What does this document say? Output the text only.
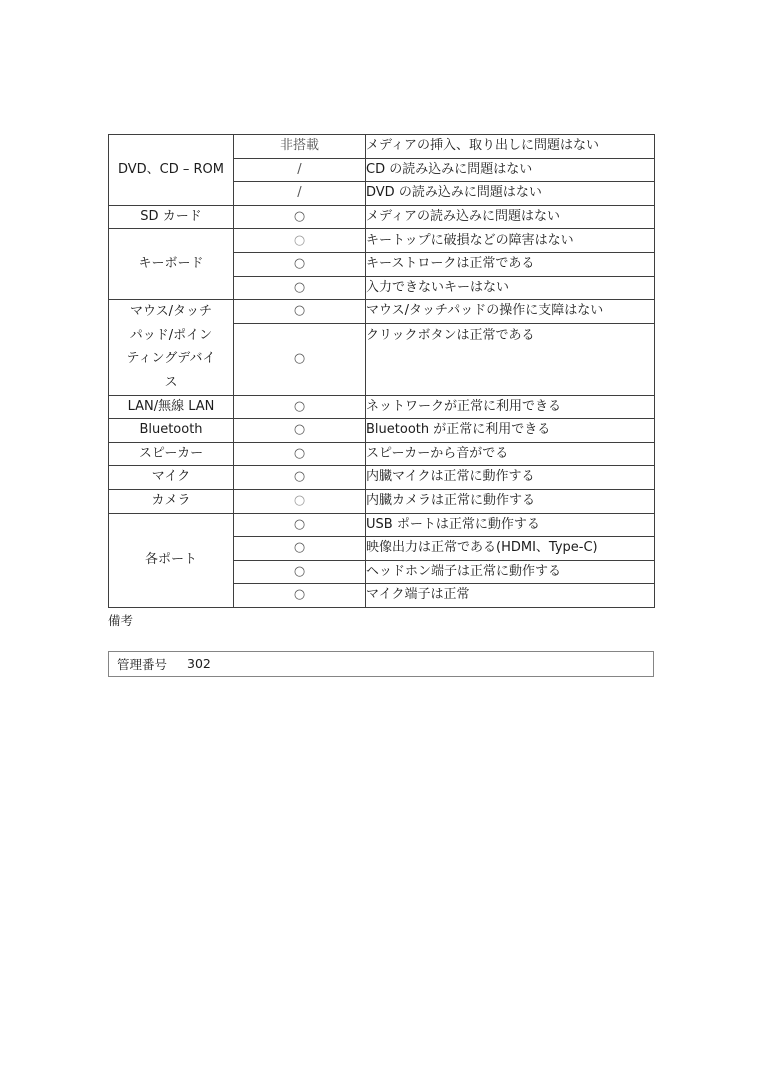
DVD、CD – ROM	非搭載	メディアの挿入、取り出しに問題はない
	/	CD の読み込みに問題はない
	/	DVD の読み込みに問題はない
SD カード	○	メディアの読み込みに問題はない
キーボード	○	キートップに破損などの障害はない
	○	キーストロークは正常である
	○	入力できないキーはない
マウス/タッチパッド/ポインティングデバイス	○	マウス/タッチパッドの操作に支障はない
	○	クリックボタンは正常である
LAN/無線 LAN	○	ネットワークが正常に利用できる
Bluetooth	○	Bluetooth が正常に利用できる
スピーカー	○	スピーカーから音がでる
マイク	○	内臓マイクは正常に動作する
カメラ	○	内臓カメラは正常に動作する
各ポート	○	USB ポートは正常に動作する
	○	映像出力は正常である(HDMI、Type-C)
	○	ヘッドホン端子は正常に動作する
	○	マイク端子は正常
備考
管理番号 302
